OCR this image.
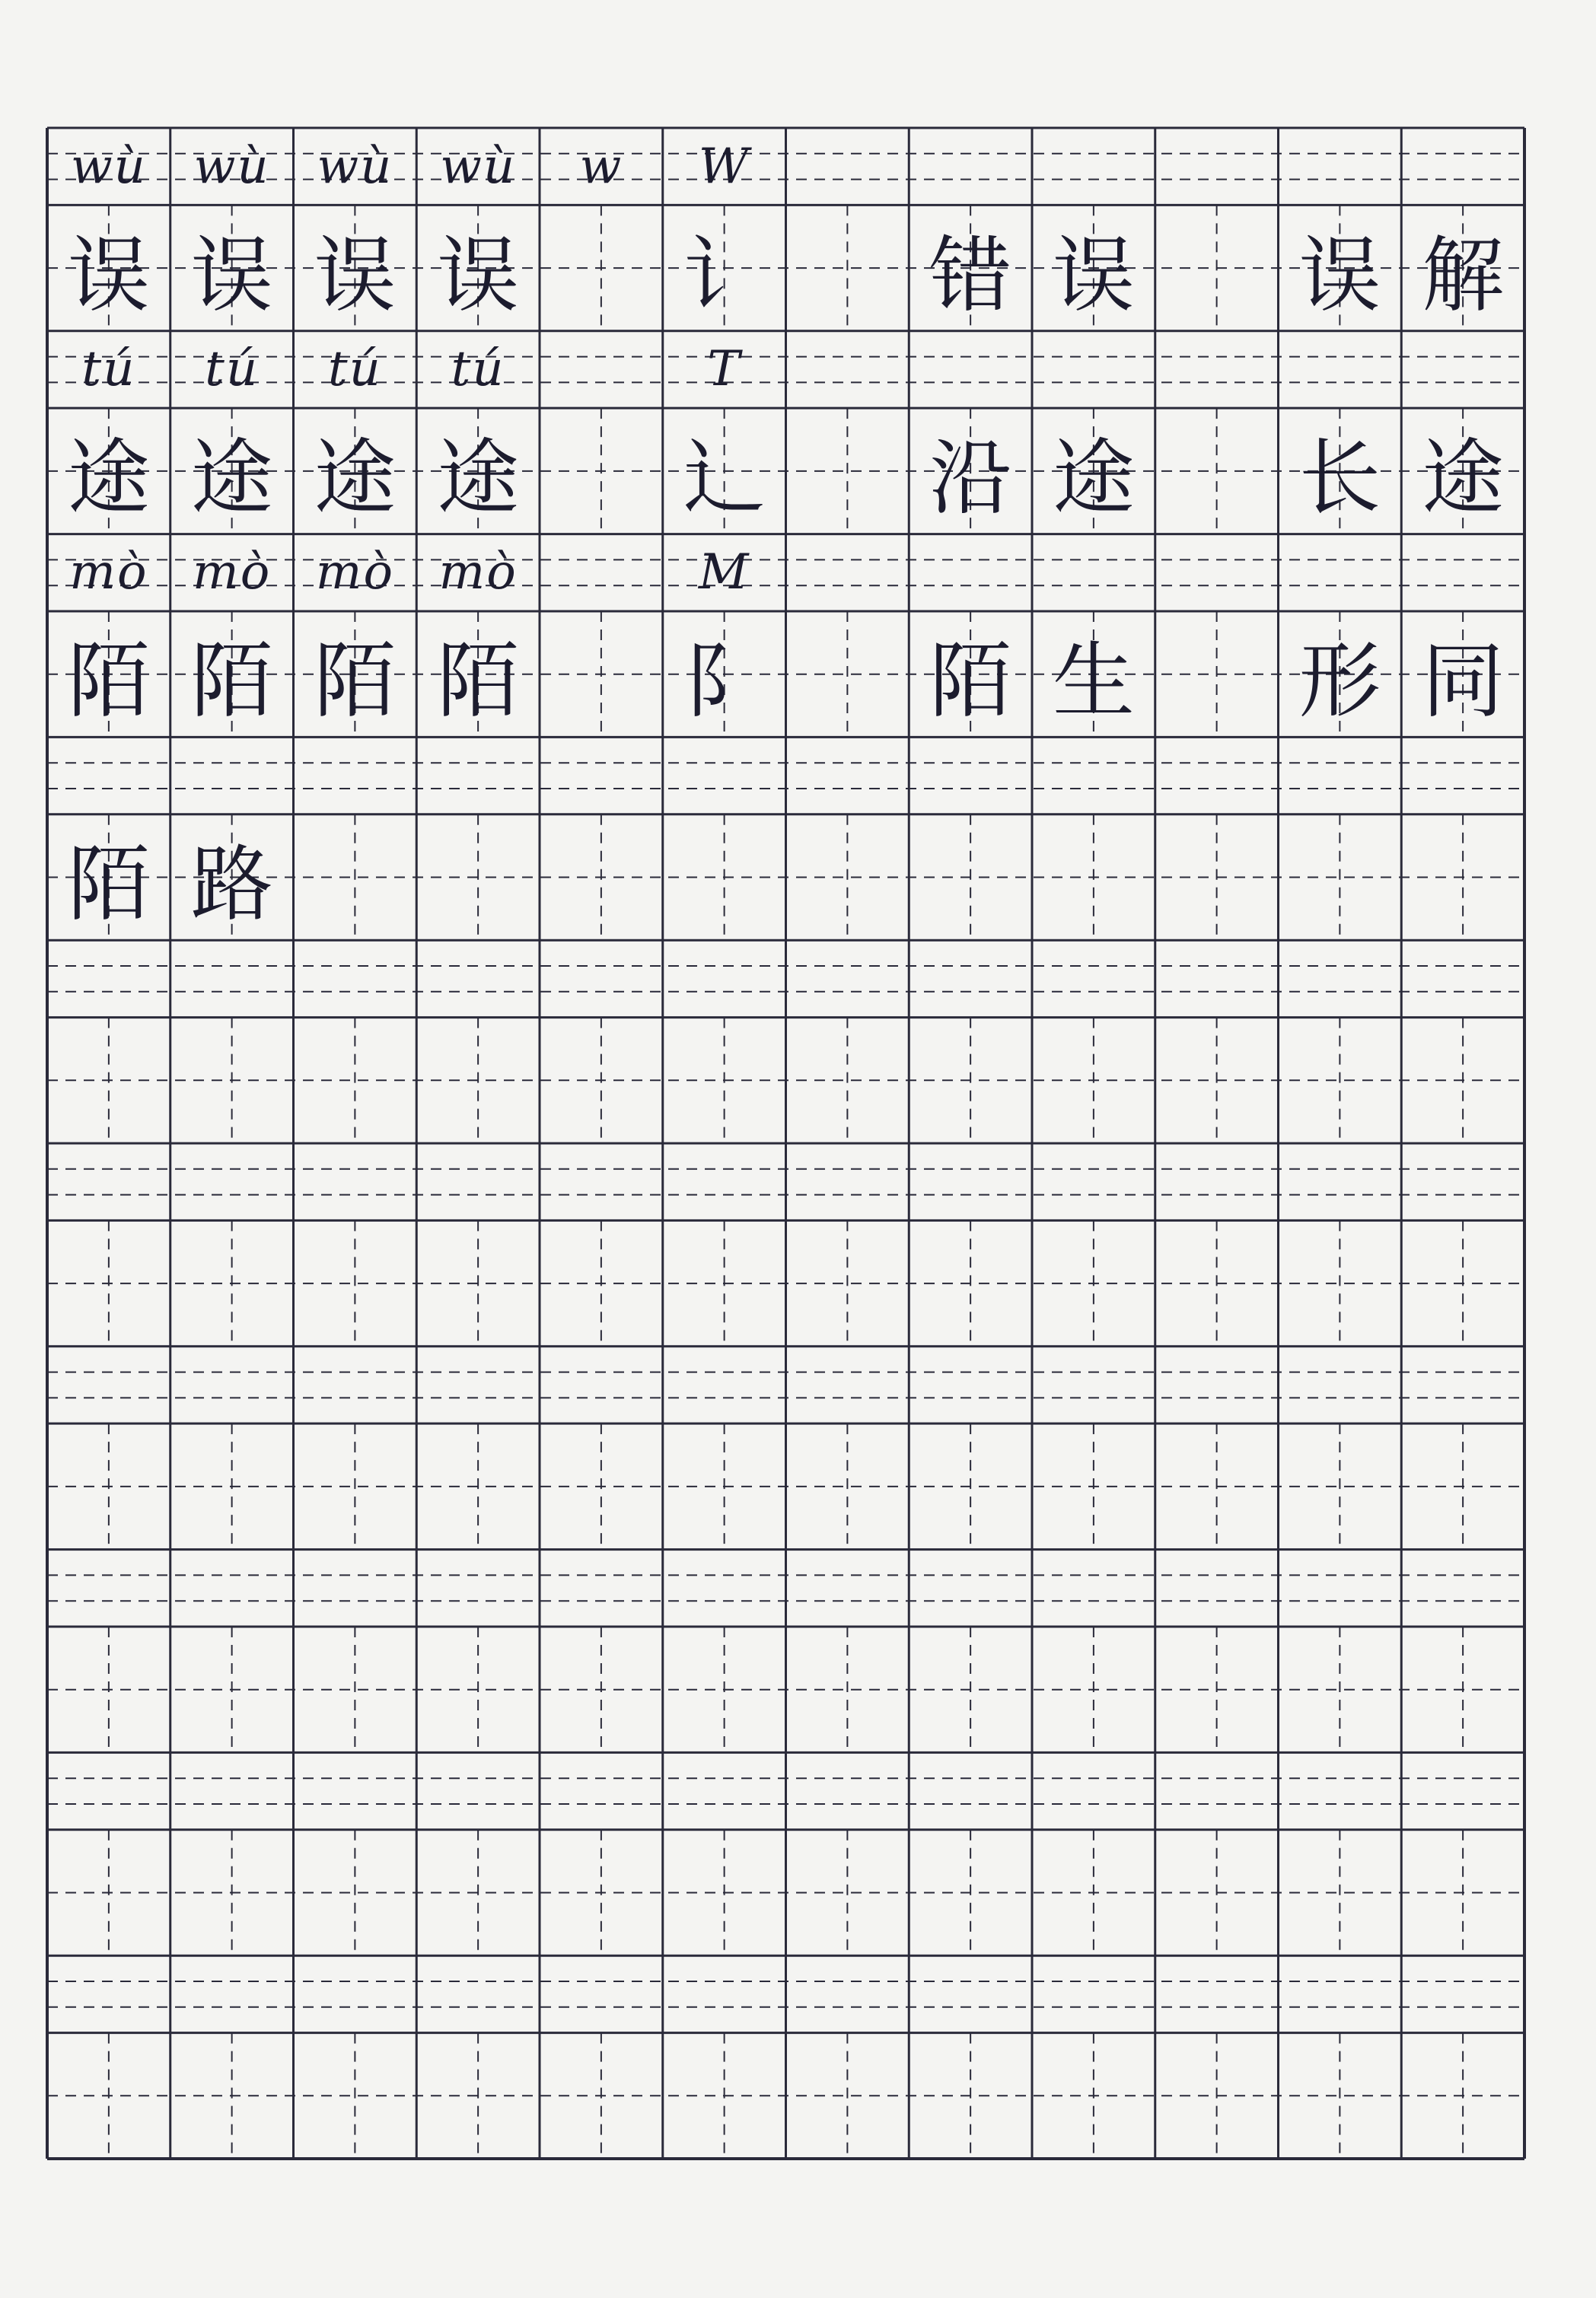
wù
误
wù
误
wù
误
wù
误
w	W
讠 错 误 误 解
tú
途
tú
途
tú
途
tú
途
T
辶 沿 途 长 途
mò
陌
mò
陌
mò
陌
mò
陌
M
阝 陌 生 形 同
陌 路
